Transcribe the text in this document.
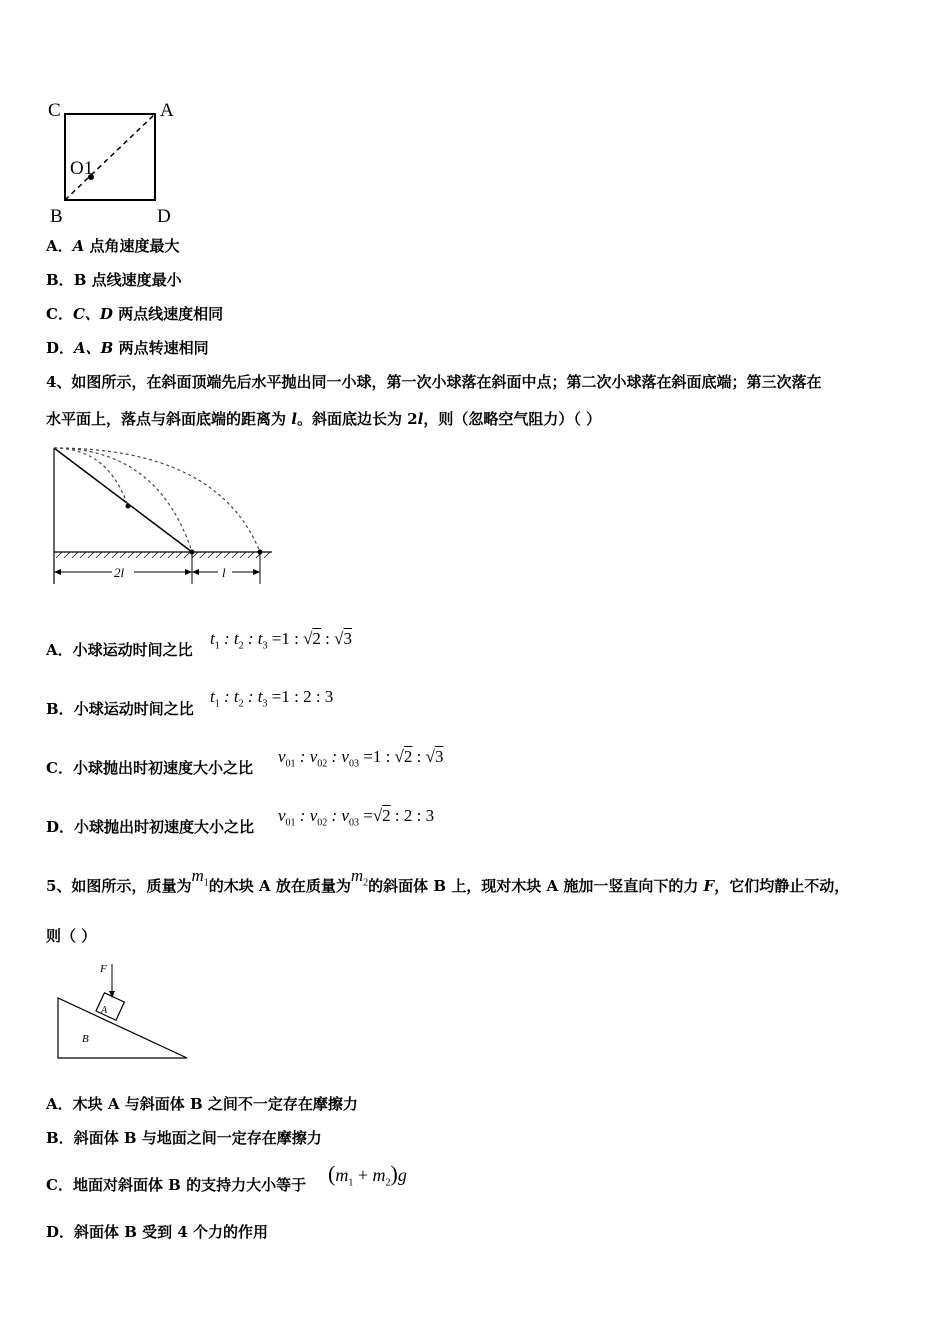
C	A
B	D
O1
A．A 点角速度最大
B．B 点线速度最小
C．C、D 两点线速度相同
D．A、B 两点转速相同
4、如图所示，在斜面顶端先后水平抛出同一小球，第一次小球落在斜面中点；第二次小球落在斜面底端；第三次落在
水平面上，落点与斜面底端的距离为 l。斜面底边长为 2l，则（忽略空气阻力）（ ）
2l	l
A．小球运动时间之比
$t_1$ : $t_2$ : $t_3 =1$ : √2 : √3
B．小球运动时间之比
$t_1$ : $t_2$ : $t_3 =1$ : 2 : 3
C．小球抛出时初速度大小之比
$v_{01}$ : $v_{02}$ : $v_{03} =1$ : √2 : √3
D．小球抛出时初速度大小之比
$v_{01}$ : $v_{02}$ : $v_{03} =√2$ : 2 : 3
5、如图所示，质量为$m_1$的木块 A 放在质量为$m_2$的斜面体 B 上，现对木块 A 施加一竖直向下的力 F，它们均静止不动，
则（ ）
F
A
B
A．木块 A 与斜面体 B 之间不一定存在摩擦力
B．斜面体 B 与地面之间一定存在摩擦力
C．地面对斜面体 B 的支持力大小等于 $(m_1 + m_2)g$
D．斜面体 B 受到 4 个力的作用
